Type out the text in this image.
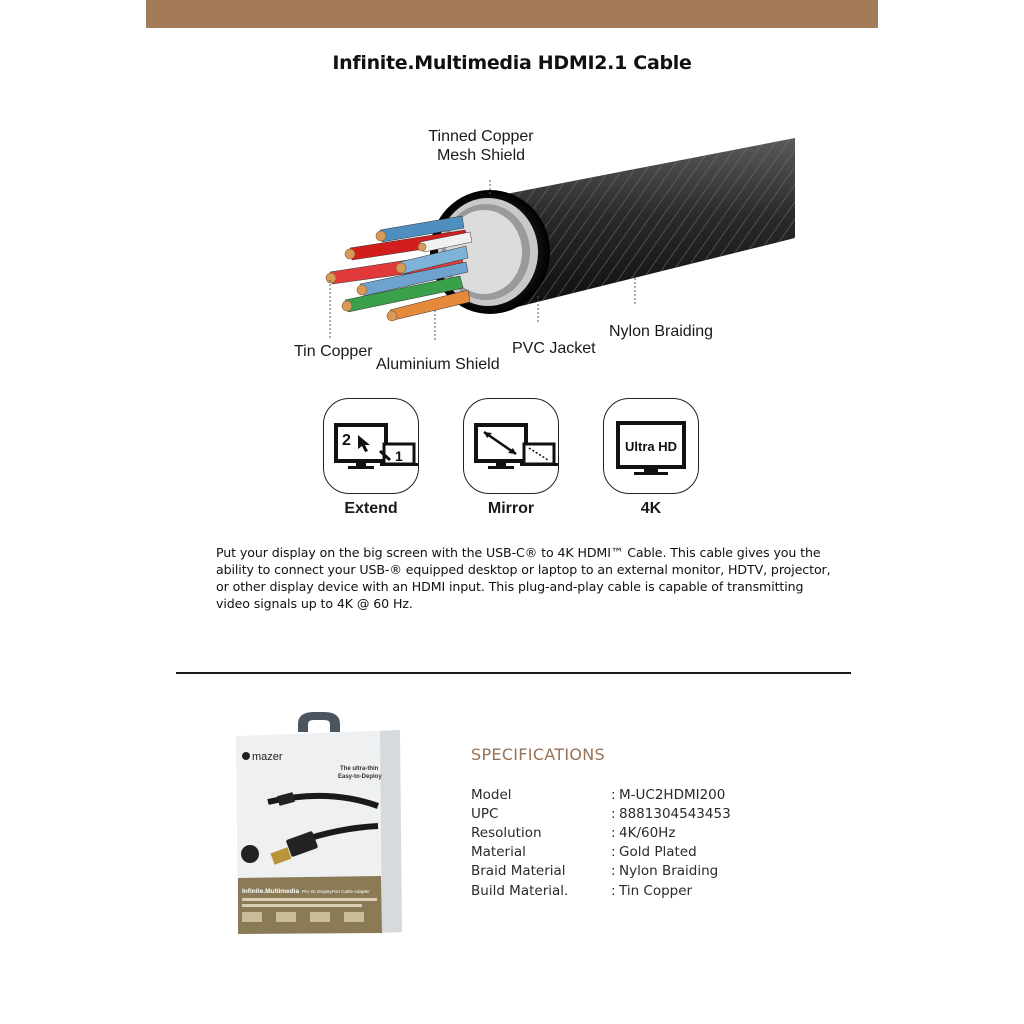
Infinite.Multimedia HDMI2.1 Cable
Tinned Copper
Mesh Shield
Tin Copper
Aluminium Shield
PVC Jacket
Nylon Braiding
2
1
Extend	Mirror
Ultra HD
4K
Put your display on the big screen with the USB-C® to 4K HDMI™ Cable. This cable gives you the ability to connect your USB-® equipped desktop or laptop to an external monitor, HDTV, projector, or other display device with an HDMI input. This plug-and-play cable is capable of transmitting video signals up to 4K @ 60 Hz.
mazer
The ultra-thin Easy-to-Deploy
Infinite.Multimedia Pro 4K DisplayPort Cable Adapter
SPECIFICATIONS
Model	:	M-UC2HDMI200
UPC	:	8881304543453
Resolution	:	4K/60Hz
Material	:	Gold Plated
Braid Material	:	Nylon Braiding
Build Material.	:	Tin Copper
